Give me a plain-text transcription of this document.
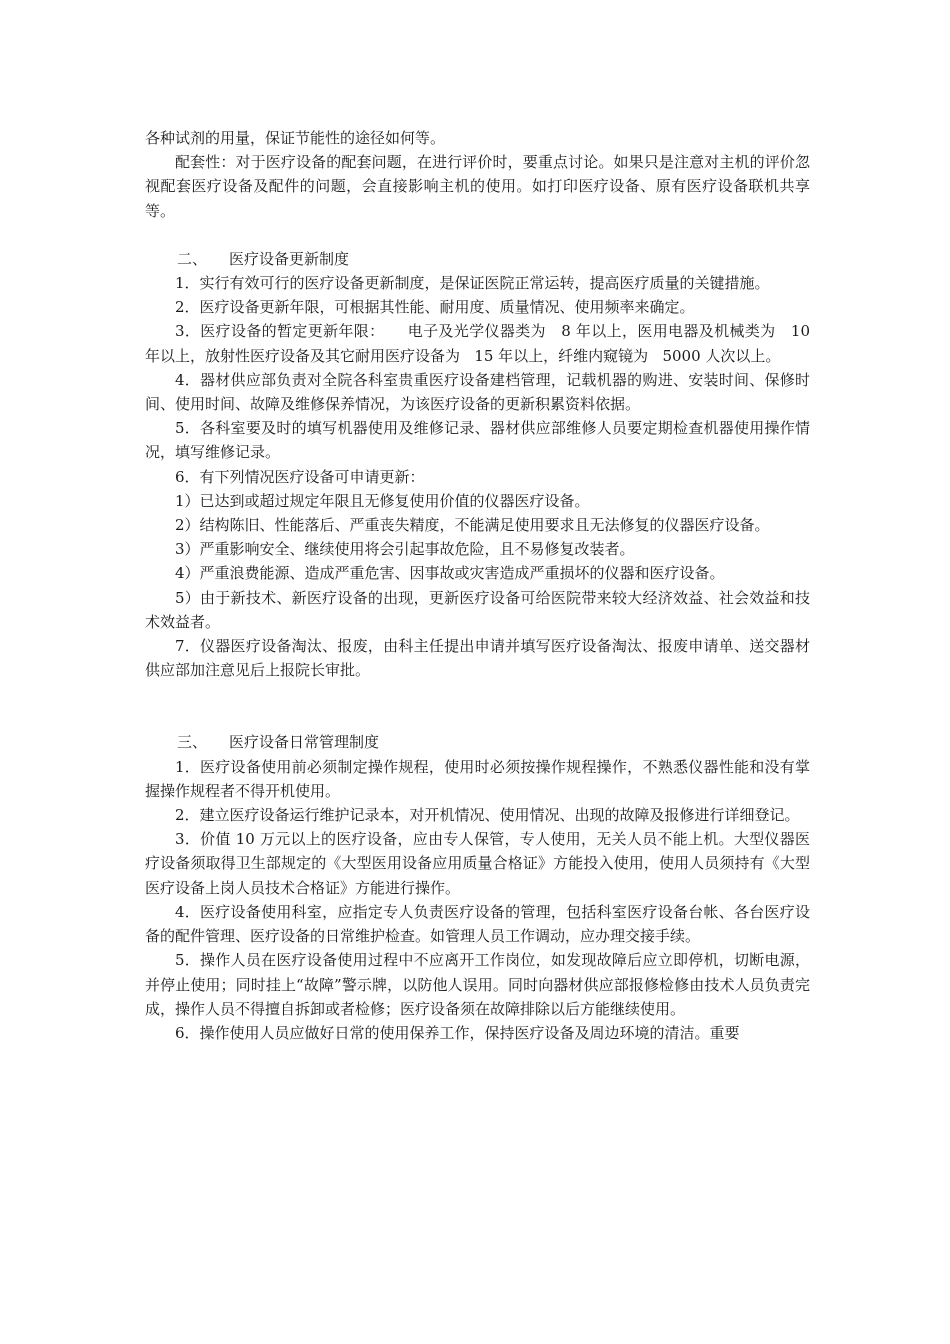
各种试剂的用量，保证节能性的途径如何等。

配套性：对于医疗设备的配套问题，在进行评价时，要重点讨论。如果只是注意对主机的评价忽视配套医疗设备及配件的问题，会直接影响主机的使用。如打印医疗设备、原有医疗设备联机共享等。

二、 医疗设备更新制度

1．实行有效可行的医疗设备更新制度，是保证医院正常运转，提高医疗质量的关键措施。

2．医疗设备更新年限，可根据其性能、耐用度、质量情况、使用频率来确定。

3．医疗设备的暂定更新年限：　　电子及光学仪器类为   8 年以上，医用电器及机械类为   10 年以上，放射性医疗设备及其它耐用医疗设备为   15 年以上，纤维内窥镜为   5000 人次以上。

4．器材供应部负责对全院各科室贵重医疗设备建档管理，记载机器的购进、安装时间、保修时间、使用时间、故障及维修保养情况，为该医疗设备的更新积累资料依据。

5．各科室要及时的填写机器使用及维修记录、器材供应部维修人员要定期检查机器使用操作情况，填写维修记录。

6．有下列情况医疗设备可申请更新：

1）已达到或超过规定年限且无修复使用价值的仪器医疗设备。

2）结构陈旧、性能落后、严重丧失精度，不能满足使用要求且无法修复的仪器医疗设备。

3）严重影响安全、继续使用将会引起事故危险，且不易修复改装者。

4）严重浪费能源、造成严重危害、因事故或灾害造成严重损坏的仪器和医疗设备。

5）由于新技术、新医疗设备的出现，更新医疗设备可给医院带来较大经济效益、社会效益和技术效益者。

7．仪器医疗设备淘汰、报废，由科主任提出申请并填写医疗设备淘汰、报废申请单、送交器材供应部加注意见后上报院长审批。

三、 医疗设备日常管理制度

1．医疗设备使用前必须制定操作规程，使用时必须按操作规程操作，不熟悉仪器性能和没有掌握操作规程者不得开机使用。

2．建立医疗设备运行维护记录本，对开机情况、使用情况、出现的故障及报修进行详细登记。

3．价值 10 万元以上的医疗设备，应由专人保管，专人使用，无关人员不能上机。大型仪器医疗设备须取得卫生部规定的《大型医用设备应用质量合格证》方能投入使用，使用人员须持有《大型医疗设备上岗人员技术合格证》方能进行操作。

4．医疗设备使用科室，应指定专人负责医疗设备的管理，包括科室医疗设备台帐、各台医疗设备的配件管理、医疗设备的日常维护检查。如管理人员工作调动，应办理交接手续。

5．操作人员在医疗设备使用过程中不应离开工作岗位，如发现故障后应立即停机，切断电源，并停止使用；同时挂上“故障”警示牌，以防他人误用。同时向器材供应部报修检修由技术人员负责完成，操作人员不得擅自拆卸或者检修；医疗设备须在故障排除以后方能继续使用。

6．操作使用人员应做好日常的使用保养工作，保持医疗设备及周边环境的清洁。重要
